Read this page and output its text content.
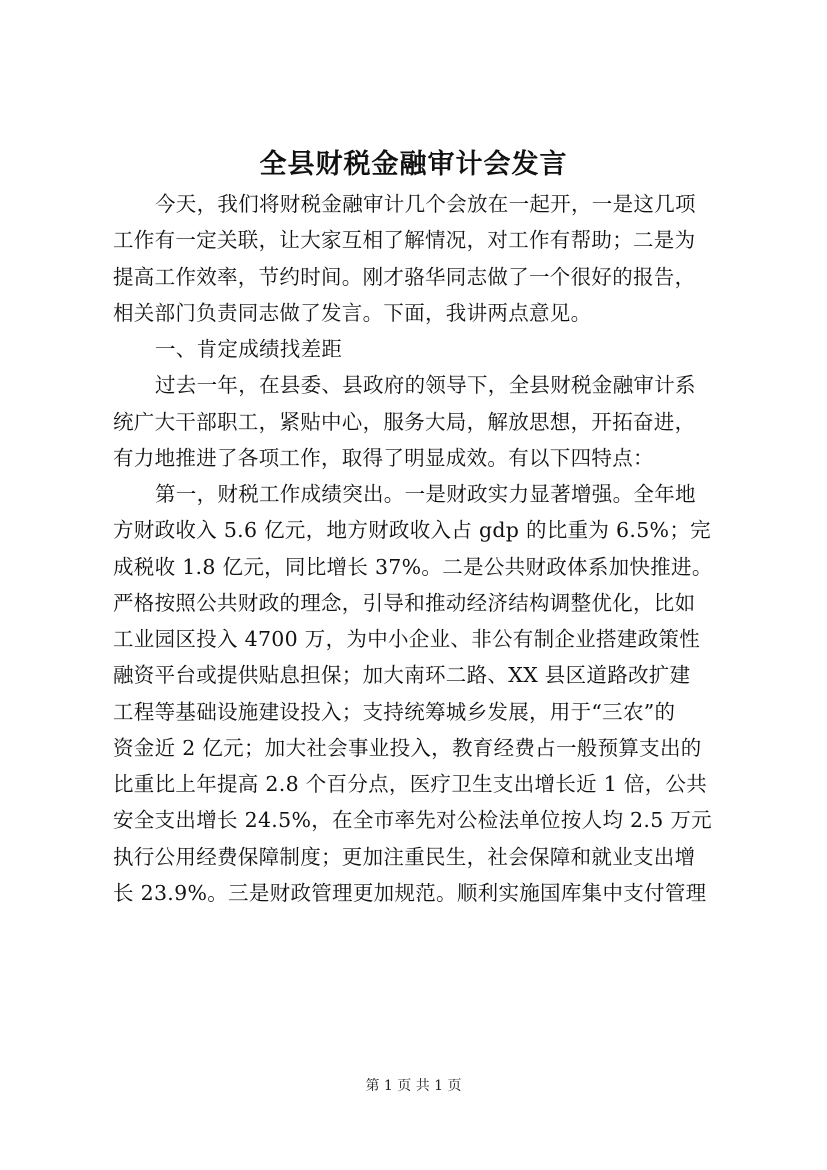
全县财税金融审计会发言
今天，我们将财税金融审计几个会放在一起开，一是这几项
工作有一定关联，让大家互相了解情况，对工作有帮助；二是为
提高工作效率，节约时间。刚才骆华同志做了一个很好的报告，
相关部门负责同志做了发言。下面，我讲两点意见。
一、肯定成绩找差距
过去一年，在县委、县政府的领导下，全县财税金融审计系
统广大干部职工，紧贴中心，服务大局，解放思想，开拓奋进，
有力地推进了各项工作，取得了明显成效。有以下四特点：
第一，财税工作成绩突出。一是财政实力显著增强。全年地
方财政收入 5.6 亿元，地方财政收入占 gdp 的比重为 6.5%；完
成税收 1.8 亿元，同比增长 37%。二是公共财政体系加快推进。
严格按照公共财政的理念，引导和推动经济结构调整优化，比如
工业园区投入 4700 万，为中小企业、非公有制企业搭建政策性
融资平台或提供贴息担保；加大南环二路、XX 县区道路改扩建
工程等基础设施建设投入；支持统筹城乡发展，用于“三农”的
资金近 2 亿元；加大社会事业投入，教育经费占一般预算支出的
比重比上年提高 2.8 个百分点，医疗卫生支出增长近 1 倍，公共
安全支出增长 24.5%，在全市率先对公检法单位按人均 2.5 万元
执行公用经费保障制度；更加注重民生，社会保障和就业支出增
长 23.9%。三是财政管理更加规范。顺利实施国库集中支付管理
第 1 页 共 1 页
